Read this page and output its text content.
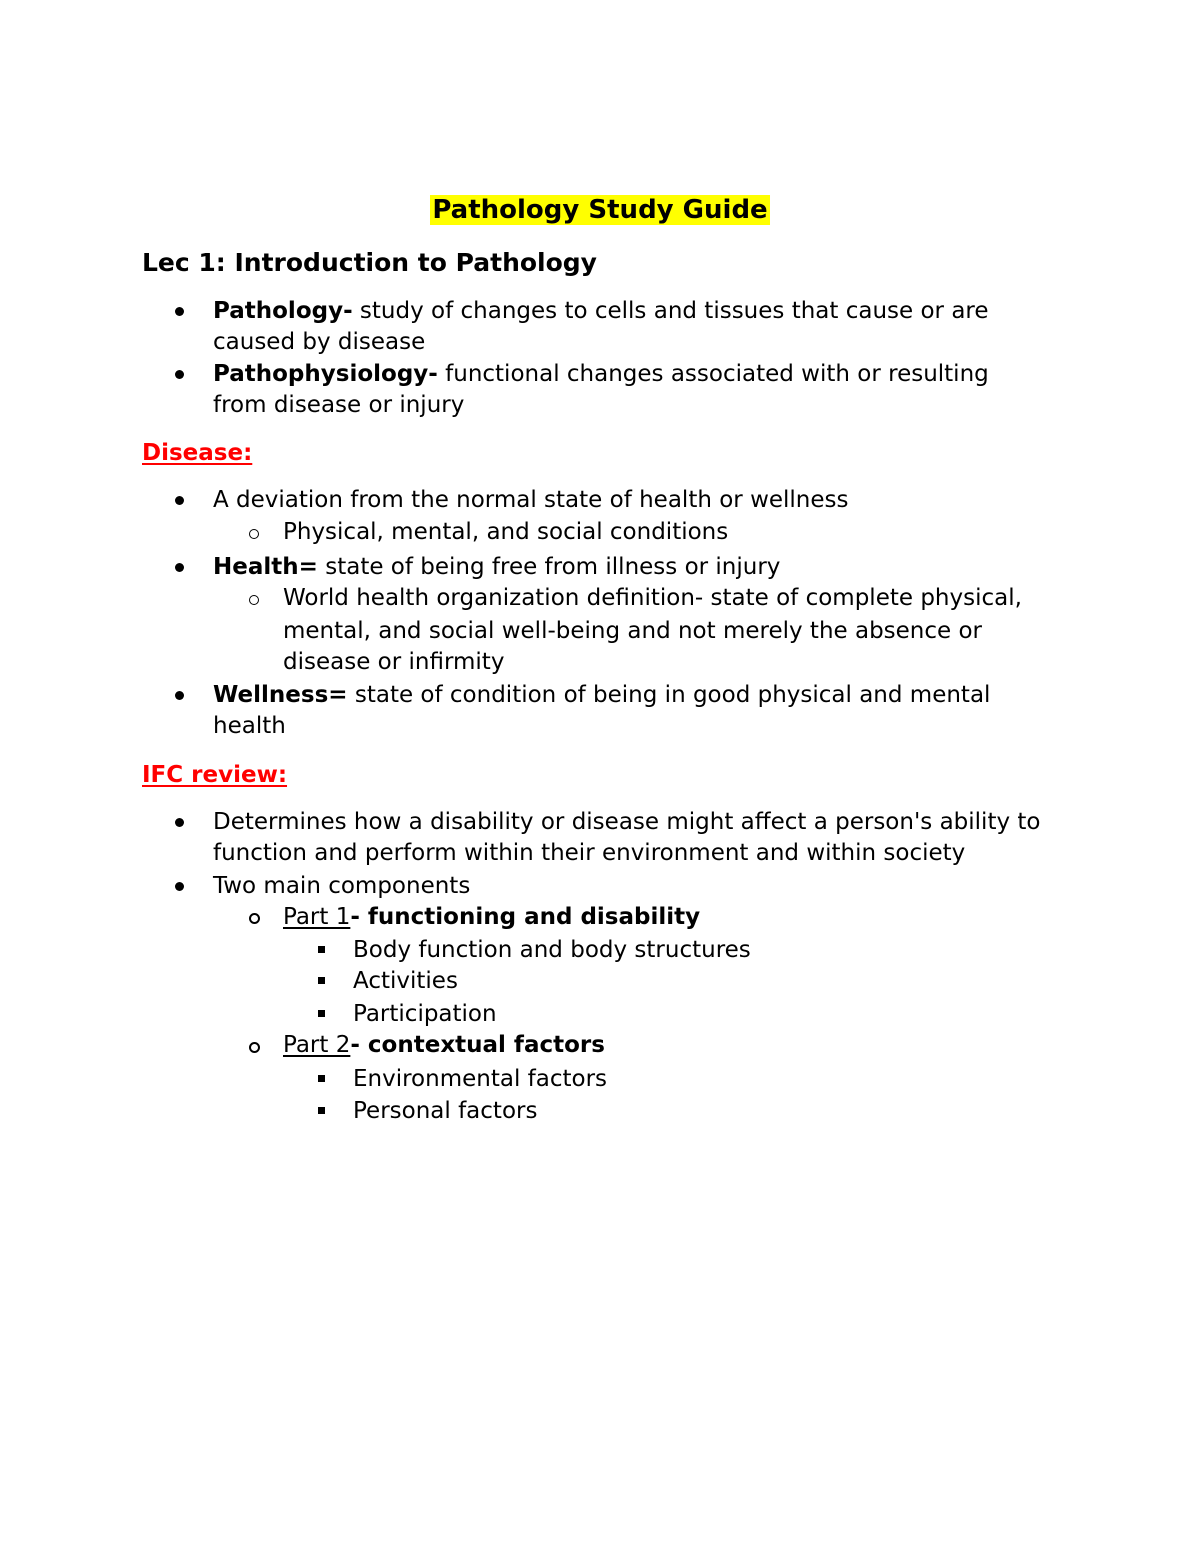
Pathology Study Guide
Lec 1: Introduction to Pathology
Pathology- study of changes to cells and tissues that cause or are
caused by disease
Pathophysiology- functional changes associated with or resulting
from disease or injury
Disease:
A deviation from the normal state of health or wellness
Physical, mental, and social conditions
Health= state of being free from illness or injury
World health organization definition- state of complete physical,
mental, and social well-being and not merely the absence or
disease or infirmity
Wellness= state of condition of being in good physical and mental
health
IFC review:
Determines how a disability or disease might affect a person's ability to
function and perform within their environment and within society
Two main components
Part 1- functioning and disability
Body function and body structures
Activities
Participation
Part 2- contextual factors
Environmental factors
Personal factors
